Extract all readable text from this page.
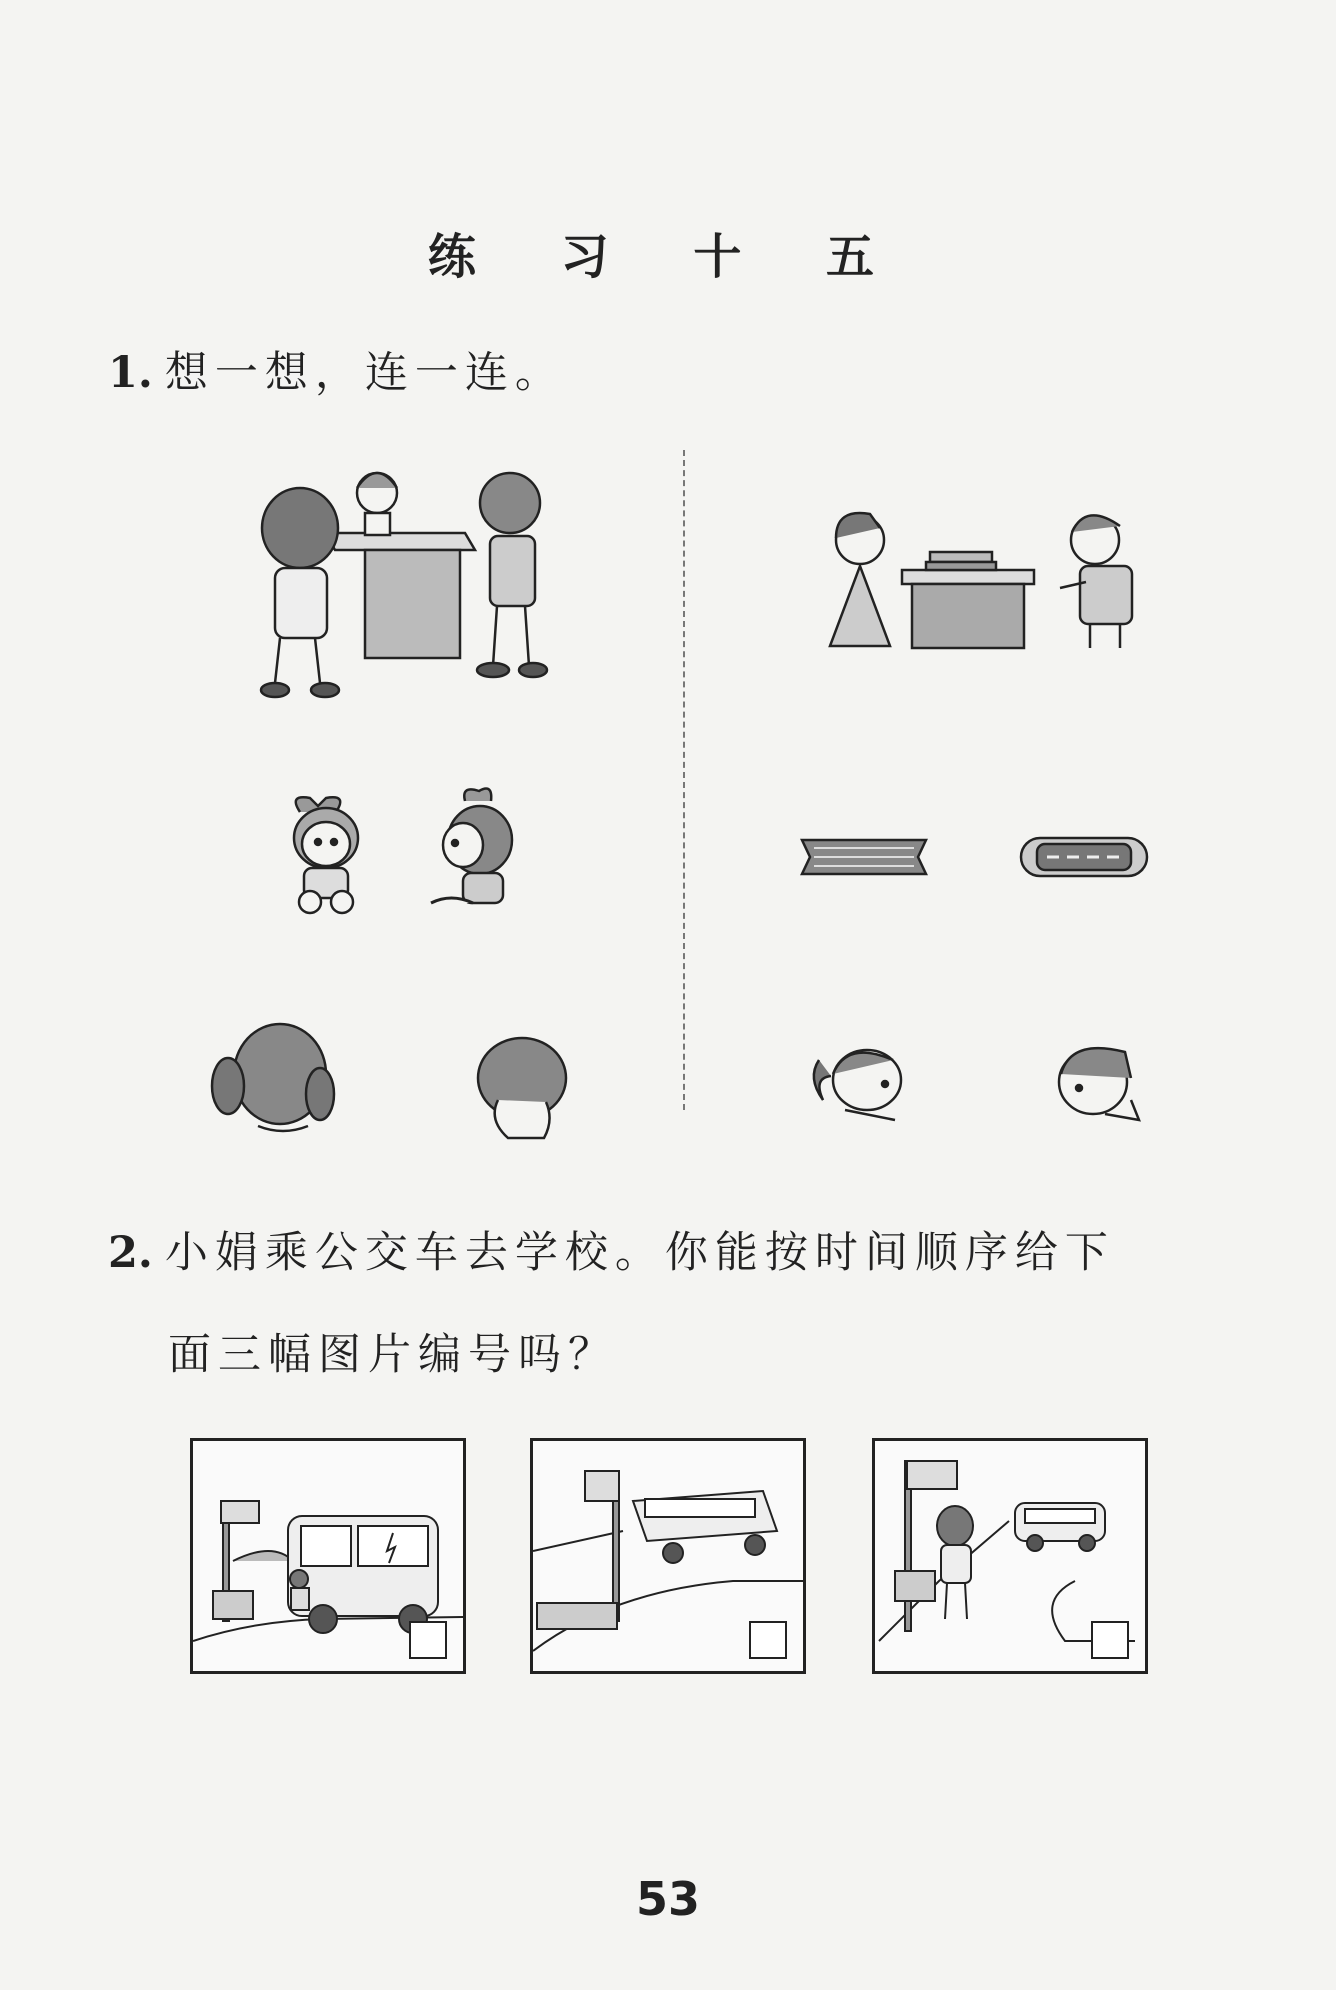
练 习 十 五
1. 想一想，连一连。
2. 小娟乘公交车去学校。你能按时间顺序给下
面三幅图片编号吗？
53
